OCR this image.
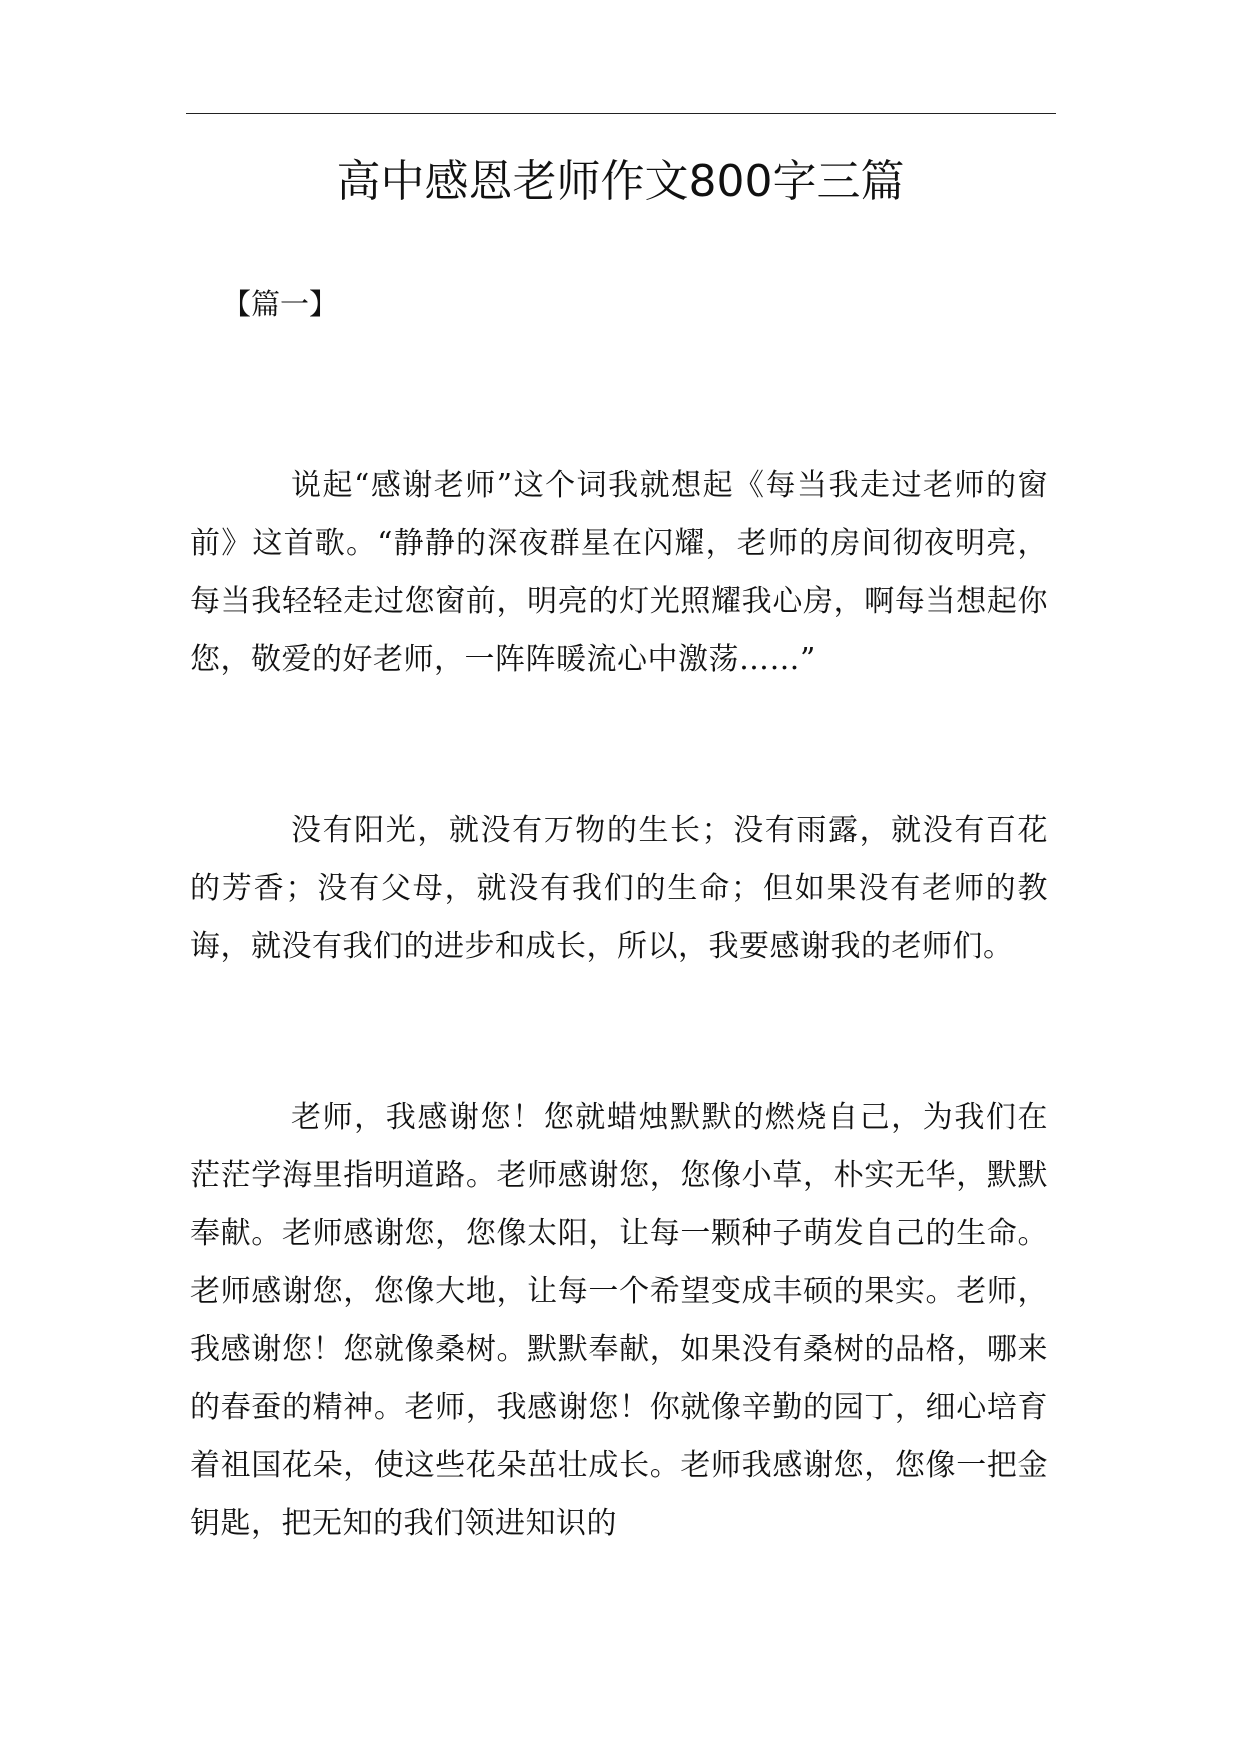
高中感恩老师作文800字三篇

【篇一】

说起“感谢老师”这个词我就想起《每当我走过老师的窗前》这首歌。“静静的深夜群星在闪耀，老师的房间彻夜明亮，每当我轻轻走过您窗前，明亮的灯光照耀我心房，啊每当想起你您，敬爱的好老师，一阵阵暖流心中激荡……”

没有阳光，就没有万物的生长；没有雨露，就没有百花的芳香；没有父母，就没有我们的生命；但如果没有老师的教诲，就没有我们的进步和成长，所以，我要感谢我的老师们。

老师，我感谢您！您就蜡烛默默的燃烧自己，为我们在茫茫学海里指明道路。老师感谢您，您像小草，朴实无华，默默奉献。老师感谢您，您像太阳，让每一颗种子萌发自己的生命。老师感谢您，您像大地，让每一个希望变成丰硕的果实。老师，我感谢您！您就像桑树。默默奉献，如果没有桑树的品格，哪来的春蚕的精神。老师，我感谢您！你就像辛勤的园丁，细心培育着祖国花朵，使这些花朵茁壮成长。老师我感谢您，您像一把金钥匙，把无知的我们领进知识的
